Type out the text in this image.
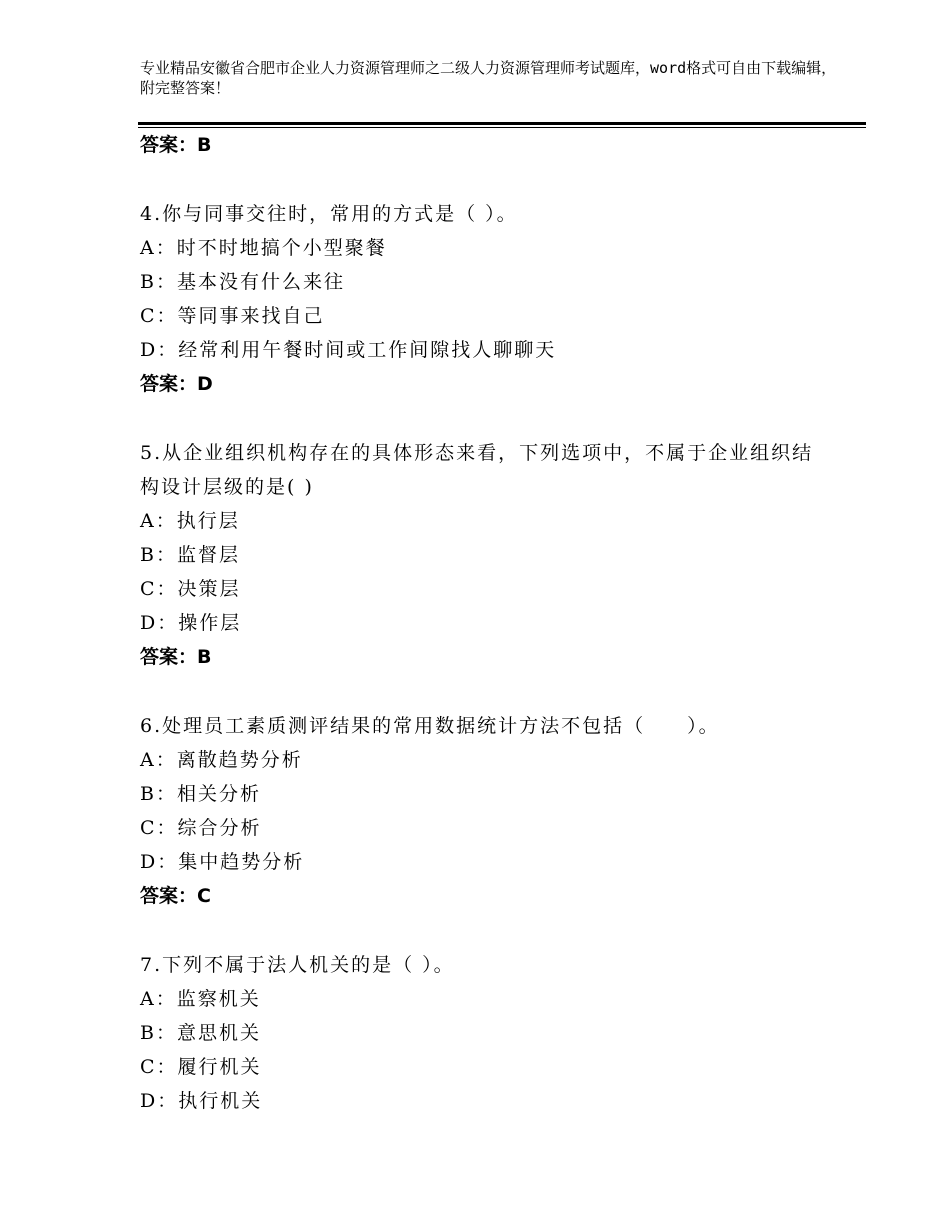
专业精品安徽省合肥市企业人力资源管理师之二级人力资源管理师考试题库，word格式可自由下载编辑，附完整答案！
答案：B
4.你与同事交往时，常用的方式是（ ）。
A：时不时地搞个小型聚餐
B：基本没有什么来往
C：等同事来找自己
D：经常利用午餐时间或工作间隙找人聊聊天
答案：D
5.从企业组织机构存在的具体形态来看，下列选项中，不属于企业组织结构设计层级的是( )
A：执行层
B：监督层
C：决策层
D：操作层
答案：B
6.处理员工素质测评结果的常用数据统计方法不包括（　　）。
A：离散趋势分析
B：相关分析
C：综合分析
D：集中趋势分析
答案：C
7.下列不属于法人机关的是（ ）。
A：监察机关
B：意思机关
C：履行机关
D：执行机关
